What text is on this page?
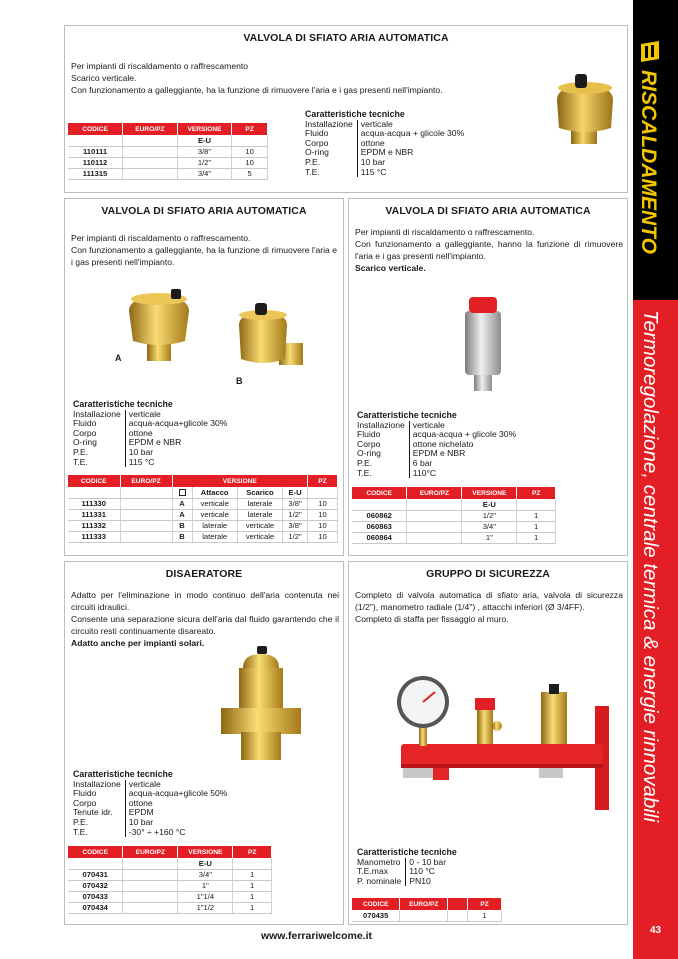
RISCALDAMENTO
Termoregolazione, centrale termica & energie rinnovabili
43
VALVOLA DI SFIATO ARIA AUTOMATICA

Per impianti di riscaldamento o raffrescamento

Scarico verticale.

Con funzionamento a galleggiante, ha la funzione di rimuovere l'aria e i gas presenti nell'impianto.

Caratteristiche tecniche
Installazione	verticale
Fluido	acqua-acqua + glicole 30%
Corpo	ottone
O-ring	EPDM e NBR
P.E.	10 bar
T.E.	115 °C
CODICE	EURO/PZ	VERSIONE	PZ
		E-U	
110111		3/8"	10
110112		1/2"	10
111315		3/4"	5
VALVOLA DI SFIATO ARIA AUTOMATICA

Per impianti di riscaldamento o raffrescamento.

Con funzionamento a galleggiante, ha la funzione di rimuovere l'aria e i gas presenti nell'impianto.

A
B
Caratteristiche tecniche
Installazione	verticale
Fluido	acqua-acqua+glicole 30%
Corpo	ottone
O-ring	EPDM e NBR
P.E.	10 bar
T.E.	115 °C
CODICE	EURO/PZ	VERSIONE				PZ
			Attacco	Scarico	E-U	
111330		A	verticale	laterale	3/8"	10
111331		A	verticale	laterale	1/2"	10
111332		B	laterale	verticale	3/8"	10
111333		B	laterale	verticale	1/2"	10
VALVOLA DI SFIATO ARIA AUTOMATICA

Per impianti di riscaldamento o raffrescamento.

Con funzionamento a galleggiante, hanno la funzione di rimuovere l'aria e i gas presenti nell'impianto.

Scarico verticale.

Caratteristiche tecniche
Installazione	verticale
Fluido	acqua-acqua + glicole 30%
Corpo	ottone nichelato
O-ring	EPDM e NBR
P.E.	6 bar
T.E.	110°C
CODICE	EURO/PZ	VERSIONE	PZ
		E-U	
060862		1/2"	1
060863		3/4"	1
060864		1"	1
DISAERATORE

Adatto per l'eliminazione in modo continuo dell'aria contenuta nei circuiti idraulici.

Consente una separazione sicura dell'aria dal fluido garantendo che il circuito resti continuamente disareato.

Adatto anche per impianti solari.

Caratteristiche tecniche
Installazione	verticale
Fluido	acqua-acqua+glicole 50%
Corpo	ottone
Tenute idr.	EPDM
P.E.	10 bar
T.E.	-30° ÷ +160 °C
CODICE	EURO/PZ	VERSIONE	PZ
		E-U	
070431		3/4"	1
070432		1"	1
070433		1"1/4	1
070434		1"1/2	1
GRUPPO DI SICUREZZA

Completo di valvola automatica di sfiato aria, valvola di sicurezza (1/2"), manometro radiale (1/4") , attacchi inferiori (Ø 3/4FF).

Completo di staffa per fissaggio al muro.

Caratteristiche tecniche
Manometro	0 - 10 bar
T.E.max	110 °C
P. nominale	PN10
CODICE	EURO/PZ		PZ
070435			1
www.ferrariwelcome.it
